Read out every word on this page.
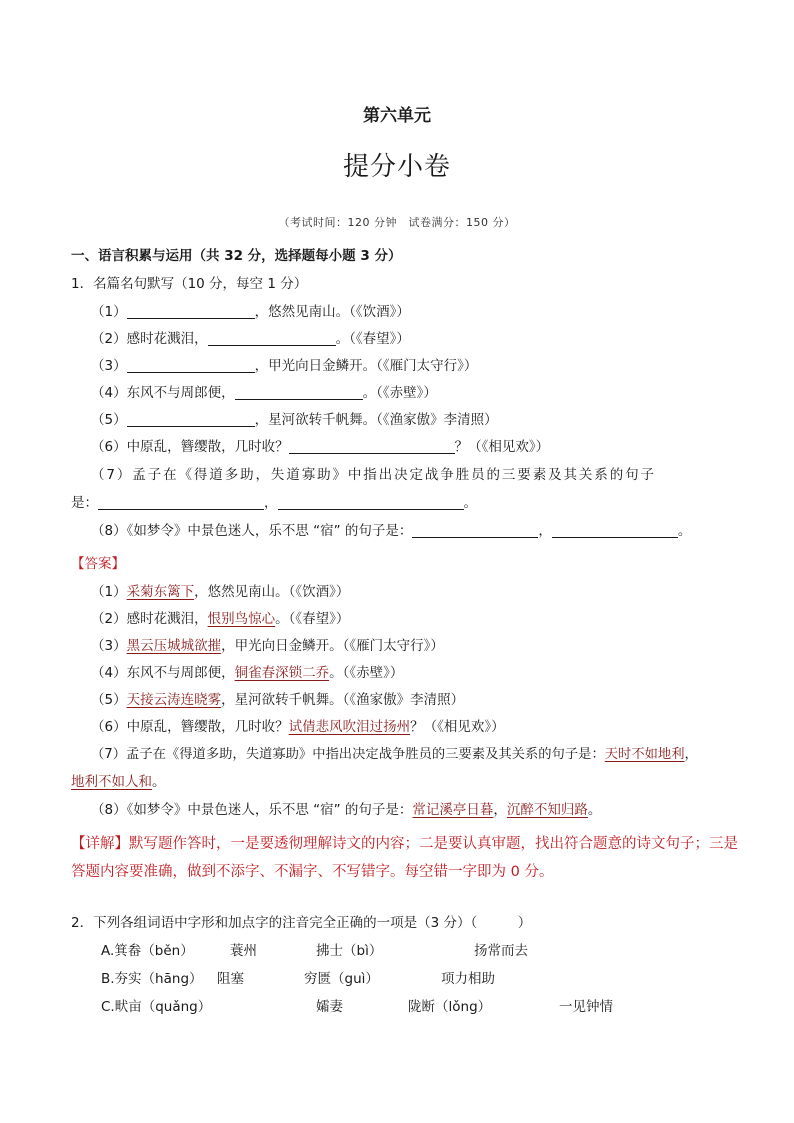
第六单元
提分小卷
（考试时间：120 分钟　试卷满分：150 分）
一、语言积累与运用（共 32 分，选择题每小题 3 分）
1．名篇名句默写（10 分，每空 1 分）
（1）	，悠然见南山。（《饮酒》）
（2）感时花溅泪，	。（《春望》）
（3）	，甲光向日金鳞开。（《雁门太守行》）
（4）东风不与周郎便，	。（《赤壁》）
（5）	，星河欲转千帆舞。（《渔家傲》李清照）
（6）中原乱，簪缨散，几时收？	？（《相见欢》）
（7）孟子在《得道多助，失道寡助》中指出决定战争胜员的三要素及其关系的句子
是：	，	。
（8）《如梦令》中景色迷人，乐不思 “宿” 的句子是：	，	。
【答案】
（1）采菊东篱下，悠然见南山。（《饮酒》）
（2）感时花溅泪，恨别鸟惊心。（《春望》）
（3）黑云压城城欲摧，甲光向日金鳞开。（《雁门太守行》）
（4）东风不与周郎便，铜雀春深锁二乔。（《赤壁》）
（5）天接云涛连晓雾，星河欲转千帆舞。（《渔家傲》李清照）
（6）中原乱，簪缨散，几时收？试倩悲风吹泪过扬州？（《相见欢》）
（7）孟子在《得道多助，失道寡助》中指出决定战争胜员的三要素及其关系的句子是：天时不如地利，
地利不如人和。
（8）《如梦令》中景色迷人，乐不思 “宿” 的句子是：常记溪亭日暮，沉醉不知归路。
【详解】默写题作答时，一是要透彻理解诗文的内容；二是要认真审题，找出符合题意的诗文句子；三是
答题内容要准确，做到不添字、不漏字、不写错字。每空错一字即为 0 分。
2．下列各组词语中字形和加点字的注音完全正确的一项是（3 分）（　　　）
A.箕畚（běn）	蓑州	拂士（bì）	扬常而去
B.夯实（hāng） 阻塞	穷匮（guì）	项力相助
C.畎亩（quǎng）	孀妻	陇断（lǒng）	一见钟情
